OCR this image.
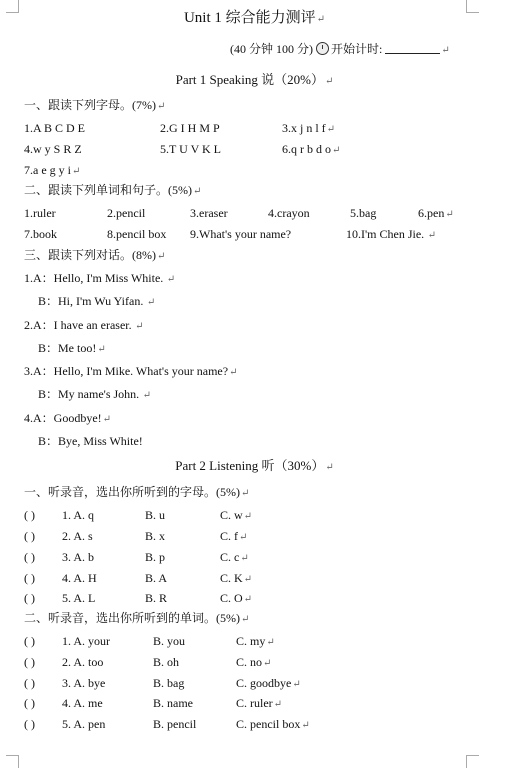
Unit 1 综合能力测评↵
(40 分钟 100 分) 开始计时:	↵
Part 1 Speaking 说（20%）↵
一、跟读下列字母。(7%)↵
1.A B C D E	2.G I H M P	3.x j n l f↵
4.w y S R Z	5.T U V K L	6.q r b d o↵
7.a e g y i↵
二、跟读下列单词和句子。(5%)↵
1.ruler	2.pencil	3.eraser	4.crayon	5.bag	6.pen↵
7.book	8.pencil box 9.What's your name?	10.I'm Chen Jie. ↵
三、跟读下列对话。(8%)↵
1.A：Hello, I'm Miss White. ↵
B：Hi, I'm Wu Yifan. ↵
2.A：I have an eraser. ↵
B：Me too!↵
3.A：Hello, I'm Mike. What's your name?↵
B：My name's John. ↵
4.A：Goodbye!↵
B：Bye, Miss White!
Part 2 Listening 听（30%）↵
一、听录音，选出你所听到的字母。(5%)↵
( ) 1. A. q	B. u	C. w↵
( ) 2. A. s	B. x	C. f↵
( ) 3. A. b	B. p	C. c↵
( ) 4. A. H	B. A	C. K↵
( ) 5. A. L	B. R	C. O↵
二、听录音，选出你所听到的单词。(5%)↵
( ) 1. A. your	B. you	C. my↵
( ) 2. A. too	B. oh	C. no↵
( ) 3. A. bye	B. bag	C. goodbye↵
( ) 4. A. me	B. name	C. ruler↵
( ) 5. A. pen	B. pencil	C. pencil box↵
